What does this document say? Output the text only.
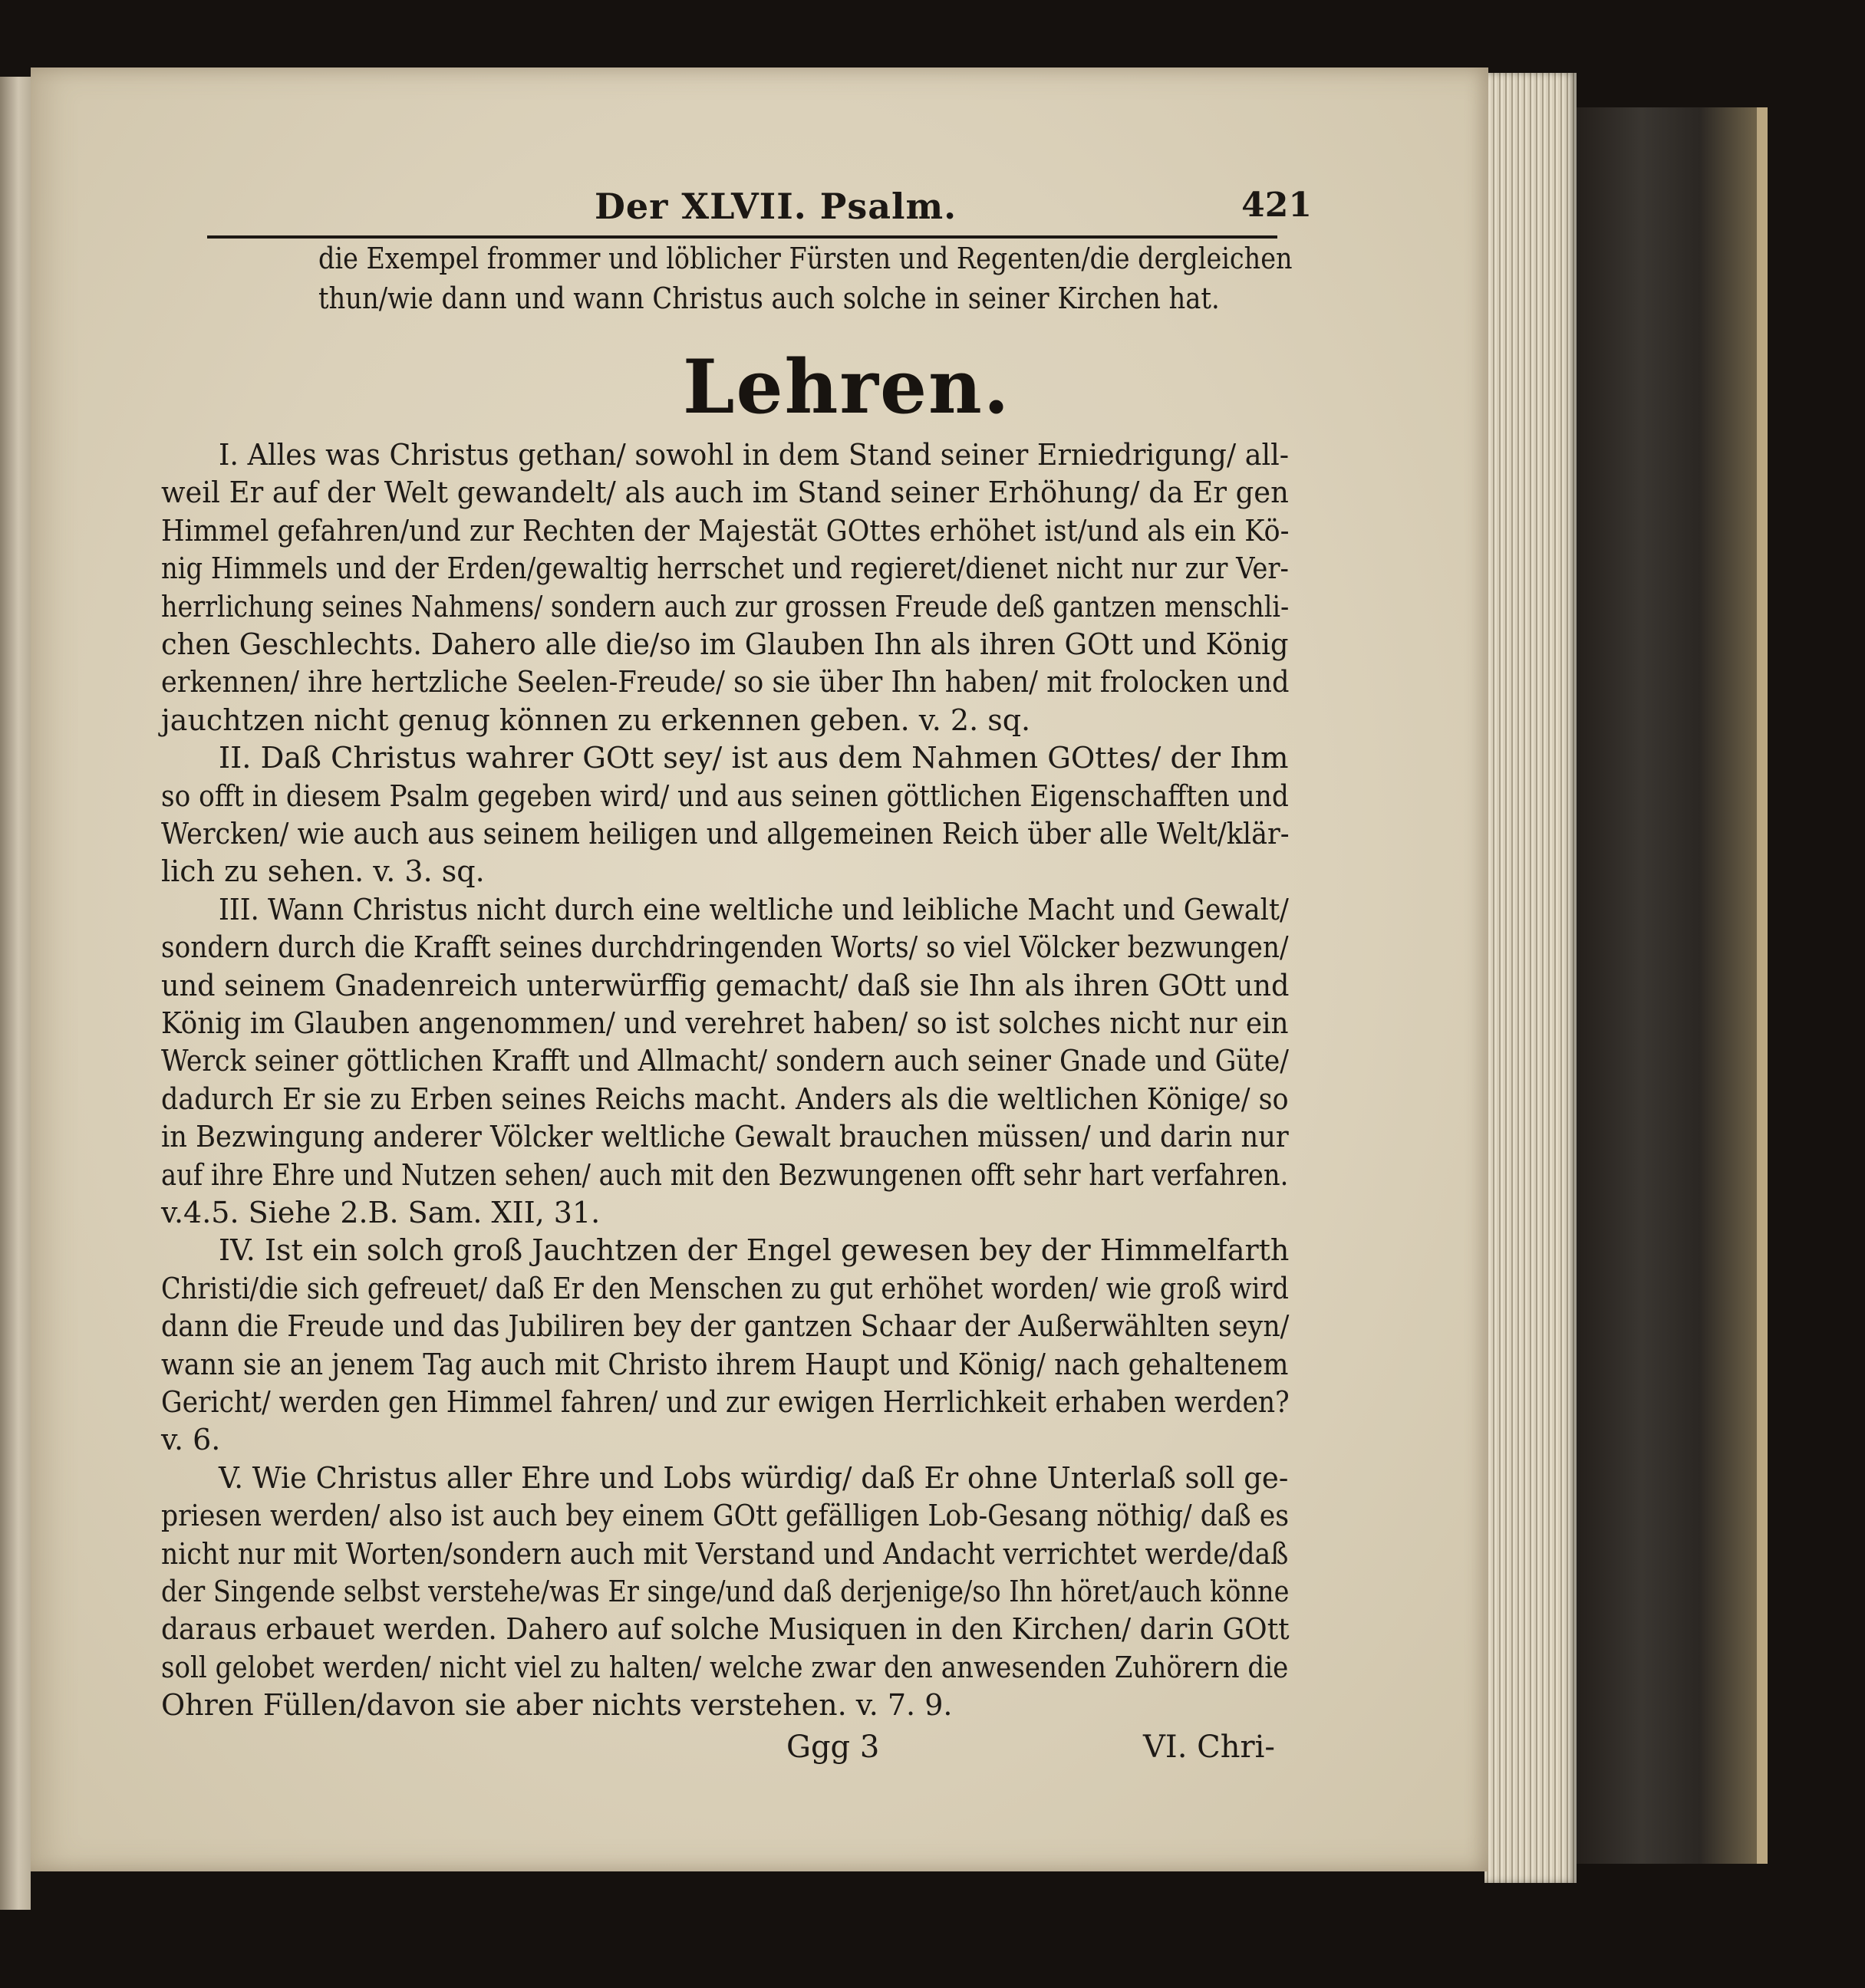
Der XLVII. Psalm.	421
die Exempel frommer und löblicher Fürsten und Regenten/die dergleichen
thun/wie dann und wann Christus auch solche in seiner Kirchen hat.
Lehren.
I. Alles was Christus gethan/ sowohl in dem Stand seiner Erniedrigung/ all-
weil Er auf der Welt gewandelt/ als auch im Stand seiner Erhöhung/ da Er gen
Himmel gefahren/und zur Rechten der Majestät GOttes erhöhet ist/und als ein Kö-
nig Himmels und der Erden/gewaltig herrschet und regieret/dienet nicht nur zur Ver-
herrlichung seines Nahmens/ sondern auch zur grossen Freude deß gantzen menschli-
chen Geschlechts. Dahero alle die/so im Glauben Ihn als ihren GOtt und König
erkennen/ ihre hertzliche Seelen-Freude/ so sie über Ihn haben/ mit frolocken und
jauchtzen nicht genug können zu erkennen geben. v. 2. sq.
II. Daß Christus wahrer GOtt sey/ ist aus dem Nahmen GOttes/ der Ihm
so offt in diesem Psalm gegeben wird/ und aus seinen göttlichen Eigenschafften und
Wercken/ wie auch aus seinem heiligen und allgemeinen Reich über alle Welt/klär-
lich zu sehen. v. 3. sq.
III. Wann Christus nicht durch eine weltliche und leibliche Macht und Gewalt/
sondern durch die Krafft seines durchdringenden Worts/ so viel Völcker bezwungen/
und seinem Gnadenreich unterwürffig gemacht/ daß sie Ihn als ihren GOtt und
König im Glauben angenommen/ und verehret haben/ so ist solches nicht nur ein
Werck seiner göttlichen Krafft und Allmacht/ sondern auch seiner Gnade und Güte/
dadurch Er sie zu Erben seines Reichs macht. Anders als die weltlichen Könige/ so
in Bezwingung anderer Völcker weltliche Gewalt brauchen müssen/ und darin nur
auf ihre Ehre und Nutzen sehen/ auch mit den Bezwungenen offt sehr hart verfahren.
v.4.5. Siehe 2.B. Sam. XII, 31.
IV. Ist ein solch groß Jauchtzen der Engel gewesen bey der Himmelfarth
Christi/die sich gefreuet/ daß Er den Menschen zu gut erhöhet worden/ wie groß wird
dann die Freude und das Jubiliren bey der gantzen Schaar der Außerwählten seyn/
wann sie an jenem Tag auch mit Christo ihrem Haupt und König/ nach gehaltenem
Gericht/ werden gen Himmel fahren/ und zur ewigen Herrlichkeit erhaben werden?
v. 6.
V. Wie Christus aller Ehre und Lobs würdig/ daß Er ohne Unterlaß soll ge-
priesen werden/ also ist auch bey einem GOtt gefälligen Lob-Gesang nöthig/ daß es
nicht nur mit Worten/sondern auch mit Verstand und Andacht verrichtet werde/daß
der Singende selbst verstehe/was Er singe/und daß derjenige/so Ihn höret/auch könne
daraus erbauet werden. Dahero auf solche Musiquen in den Kirchen/ darin GOtt
soll gelobet werden/ nicht viel zu halten/ welche zwar den anwesenden Zuhörern die
Ohren Füllen/davon sie aber nichts verstehen. v. 7. 9.
Ggg 3	VI. Chri-
